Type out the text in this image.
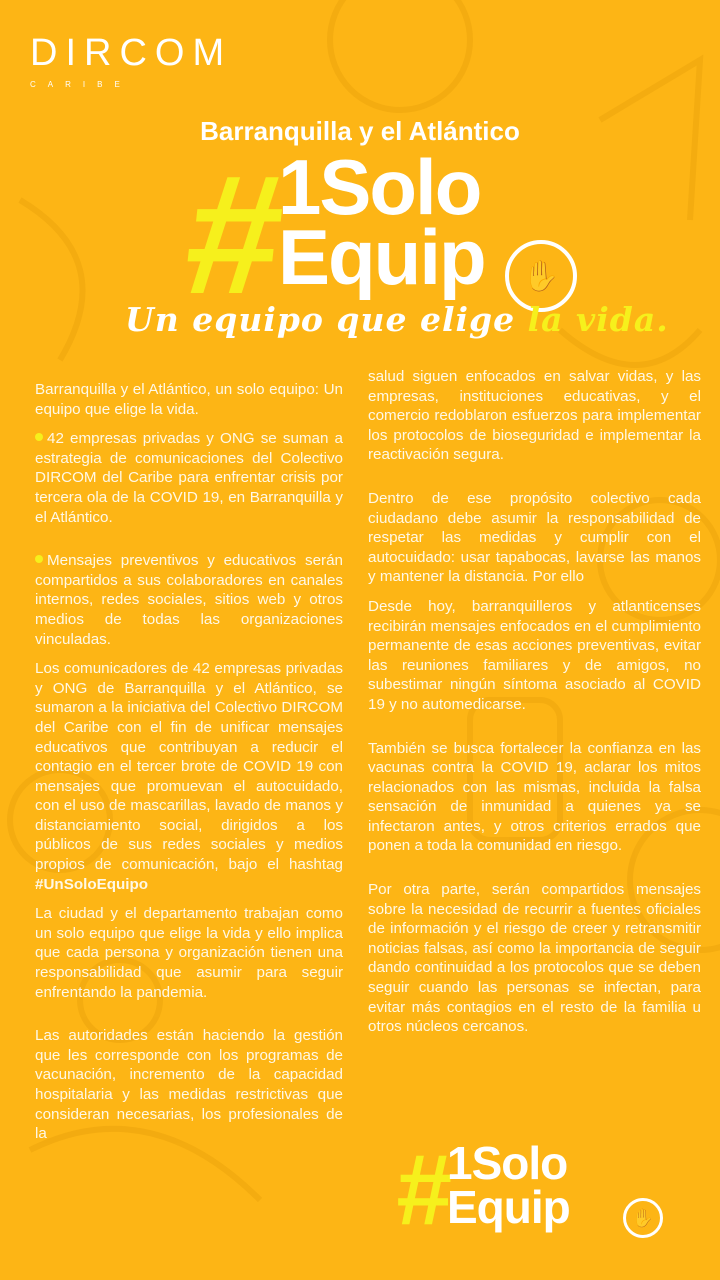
DIRCOM
CARIBE
Barranquilla y el Atlántico
#
1Solo
Equip	✋
Un equipo que elige la vida.

Barranquilla y el Atlántico, un solo equipo: Un equipo que elige la vida.

42 empresas privadas y ONG se suman a estrategia de comunicaciones del Colectivo DIRCOM del Caribe para enfrentar crisis por tercera ola de la COVID 19, en Barranquilla y el Atlántico.

Mensajes preventivos y educativos serán compartidos a sus colaboradores en canales internos, redes sociales, sitios web y otros medios de todas las organizaciones vinculadas.

Los comunicadores de 42 empresas privadas y ONG de Barranquilla y el Atlántico, se sumaron a la iniciativa del Colectivo DIRCOM del Caribe con el fin de unificar mensajes educativos que contribuyan a reducir el contagio en el tercer brote de COVID 19 con mensajes que promuevan el autocuidado, con el uso de mascarillas, lavado de manos y distanciamiento social, dirigidos a los públicos de sus redes sociales y medios propios de comunicación, bajo el hashtag #UnSoloEquipo

La ciudad y el departamento trabajan como un solo equipo que elige la vida y ello implica que cada persona y organización tienen una responsabilidad que asumir para seguir enfrentando la pandemia.

Las autoridades están haciendo la gestión que les corresponde con los programas de vacunación, incremento de la capacidad hospitalaria y las medidas restrictivas que consideran necesarias, los profesionales de la

salud siguen enfocados en salvar vidas, y las empresas, instituciones educativas, y el comercio redoblaron esfuerzos para implementar los protocolos de bioseguridad e implementar la reactivación segura.

Dentro de ese propósito colectivo cada ciudadano debe asumir la responsabilidad de respetar las medidas y cumplir con el autocuidado: usar tapabocas, lavarse las manos y mantener la distancia. Por ello

Desde hoy, barranquilleros y atlanticenses recibirán mensajes enfocados en el cumplimiento permanente de esas acciones preventivas, evitar las reuniones familiares y de amigos, no subestimar ningún síntoma asociado al COVID 19 y no automedicarse.

También se busca fortalecer la confianza en las vacunas contra la COVID 19, aclarar los mitos relacionados con las mismas, incluida la falsa sensación de inmunidad a quienes ya se infectaron antes, y otros criterios errados que ponen a toda la comunidad en riesgo.

Por otra parte, serán compartidos mensajes sobre la necesidad de recurrir a fuentes oficiales de información y el riesgo de creer y retransmitir noticias falsas, así como la importancia de seguir dando continuidad a los protocolos que se deben seguir cuando las personas se infectan, para evitar más contagios en el resto de la familia u otros núcleos cercanos.

#
1Solo
Equip	✋
